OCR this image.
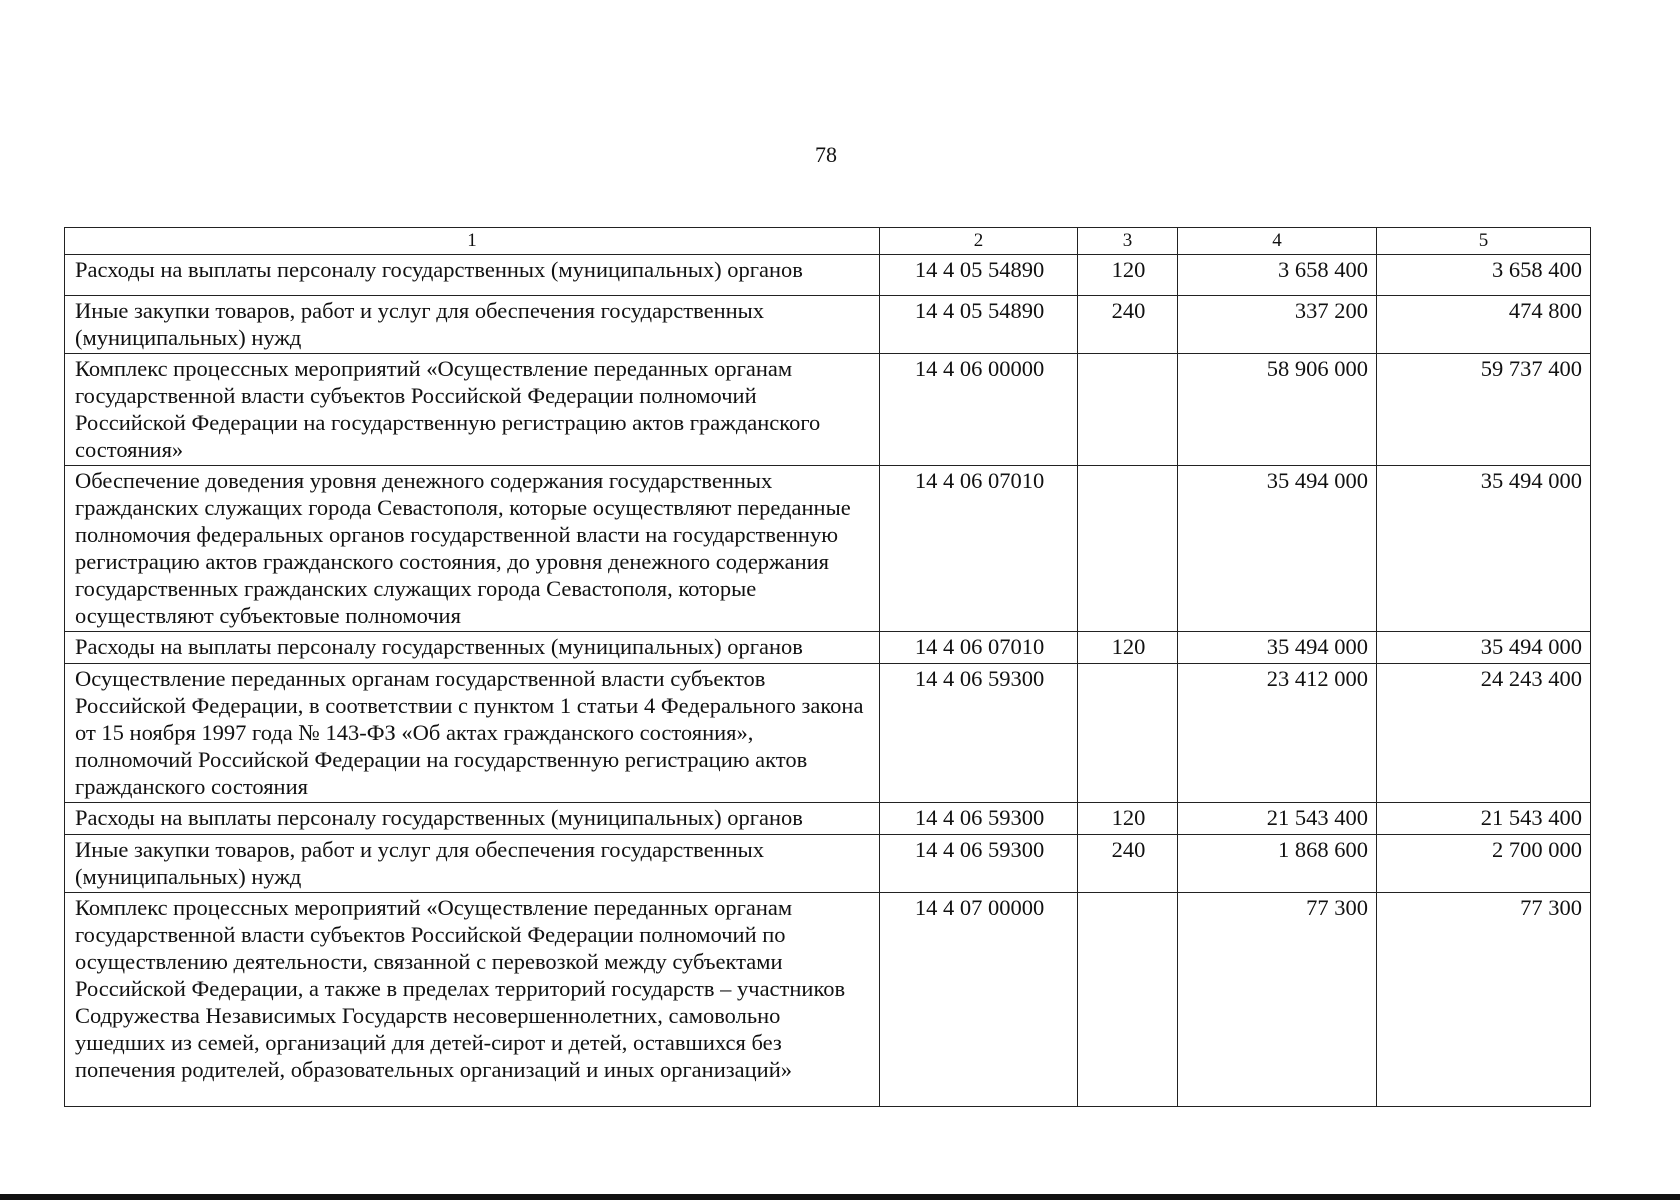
78
1	2	3	4	5
Расходы на выплаты персоналу государственных (муниципальных) органов	14 4 05 54890	120	3 658 400	3 658 400
Иные закупки товаров, работ и услуг для обеспечения государственных (муниципальных) нужд	14 4 05 54890	240	337 200	474 800
Комплекс процессных мероприятий «Осуществление переданных органам государственной власти субъектов Российской Федерации полномочий Российской Федерации на государственную регистрацию актов гражданского состояния»	14 4 06 00000		58 906 000	59 737 400
Обеспечение доведения уровня денежного содержания государственных гражданских служащих города Севастополя, которые осуществляют переданные полномочия федеральных органов государственной власти на государственную регистрацию актов гражданского состояния, до уровня денежного содержания государственных гражданских служащих города Севастополя, которые осуществляют субъектовые полномочия	14 4 06 07010		35 494 000	35 494 000
Расходы на выплаты персоналу государственных (муниципальных) органов	14 4 06 07010	120	35 494 000	35 494 000
Осуществление переданных органам государственной власти субъектов Российской Федерации, в соответствии с пунктом 1 статьи 4 Федерального закона от 15 ноября 1997 года № 143-ФЗ «Об актах гражданского состояния», полномочий Российской Федерации на государственную регистрацию актов гражданского состояния	14 4 06 59300		23 412 000	24 243 400
Расходы на выплаты персоналу государственных (муниципальных) органов	14 4 06 59300	120	21 543 400	21 543 400
Иные закупки товаров, работ и услуг для обеспечения государственных (муниципальных) нужд	14 4 06 59300	240	1 868 600	2 700 000
Комплекс процессных мероприятий «Осуществление переданных органам государственной власти субъектов Российской Федерации полномочий по осуществлению деятельности, связанной с перевозкой между субъектами Российской Федерации, а также в пределах территорий государств – участников Содружества Независимых Государств несовершеннолетних, самовольно ушедших из семей, организаций для детей-сирот и детей, оставшихся без попечения родителей, образовательных организаций и иных организаций»	14 4 07 00000		77 300	77 300
